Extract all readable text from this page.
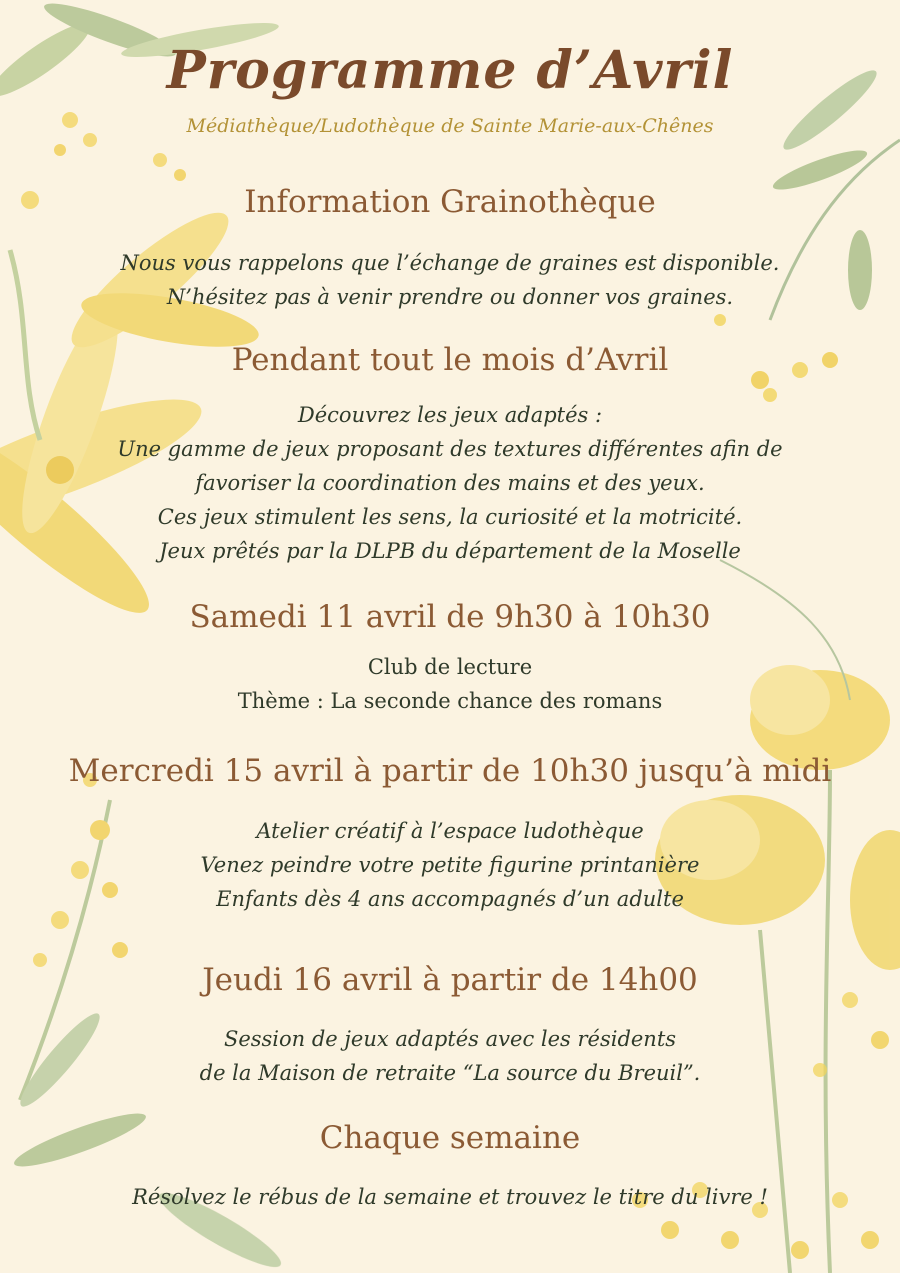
Programme d’Avril
Médiathèque/Ludothèque de Sainte Marie-aux-Chênes
Information Grainothèque
Nous vous rappelons que l’échange de graines est disponible.
N’hésitez pas à venir prendre ou donner vos graines.
Pendant tout le mois d’Avril
Découvrez les jeux adaptés :
Une gamme de jeux proposant des textures différentes afin de
favoriser la coordination des mains et des yeux.
Ces jeux stimulent les sens, la curiosité et la motricité.
Jeux prêtés par la DLPB du département de la Moselle
Samedi 11 avril de 9h30 à 10h30
Club de lecture
Thème : La seconde chance des romans
Mercredi 15 avril à partir de 10h30 jusqu’à midi
Atelier créatif à l’espace ludothèque
Venez peindre votre petite figurine printanière
Enfants dès 4 ans accompagnés d’un adulte
Jeudi 16 avril à partir de 14h00
Session de jeux adaptés avec les résidents
de la Maison de retraite “La source du Breuil”.
Chaque semaine
Résolvez le rébus de la semaine et trouvez le titre du livre !
